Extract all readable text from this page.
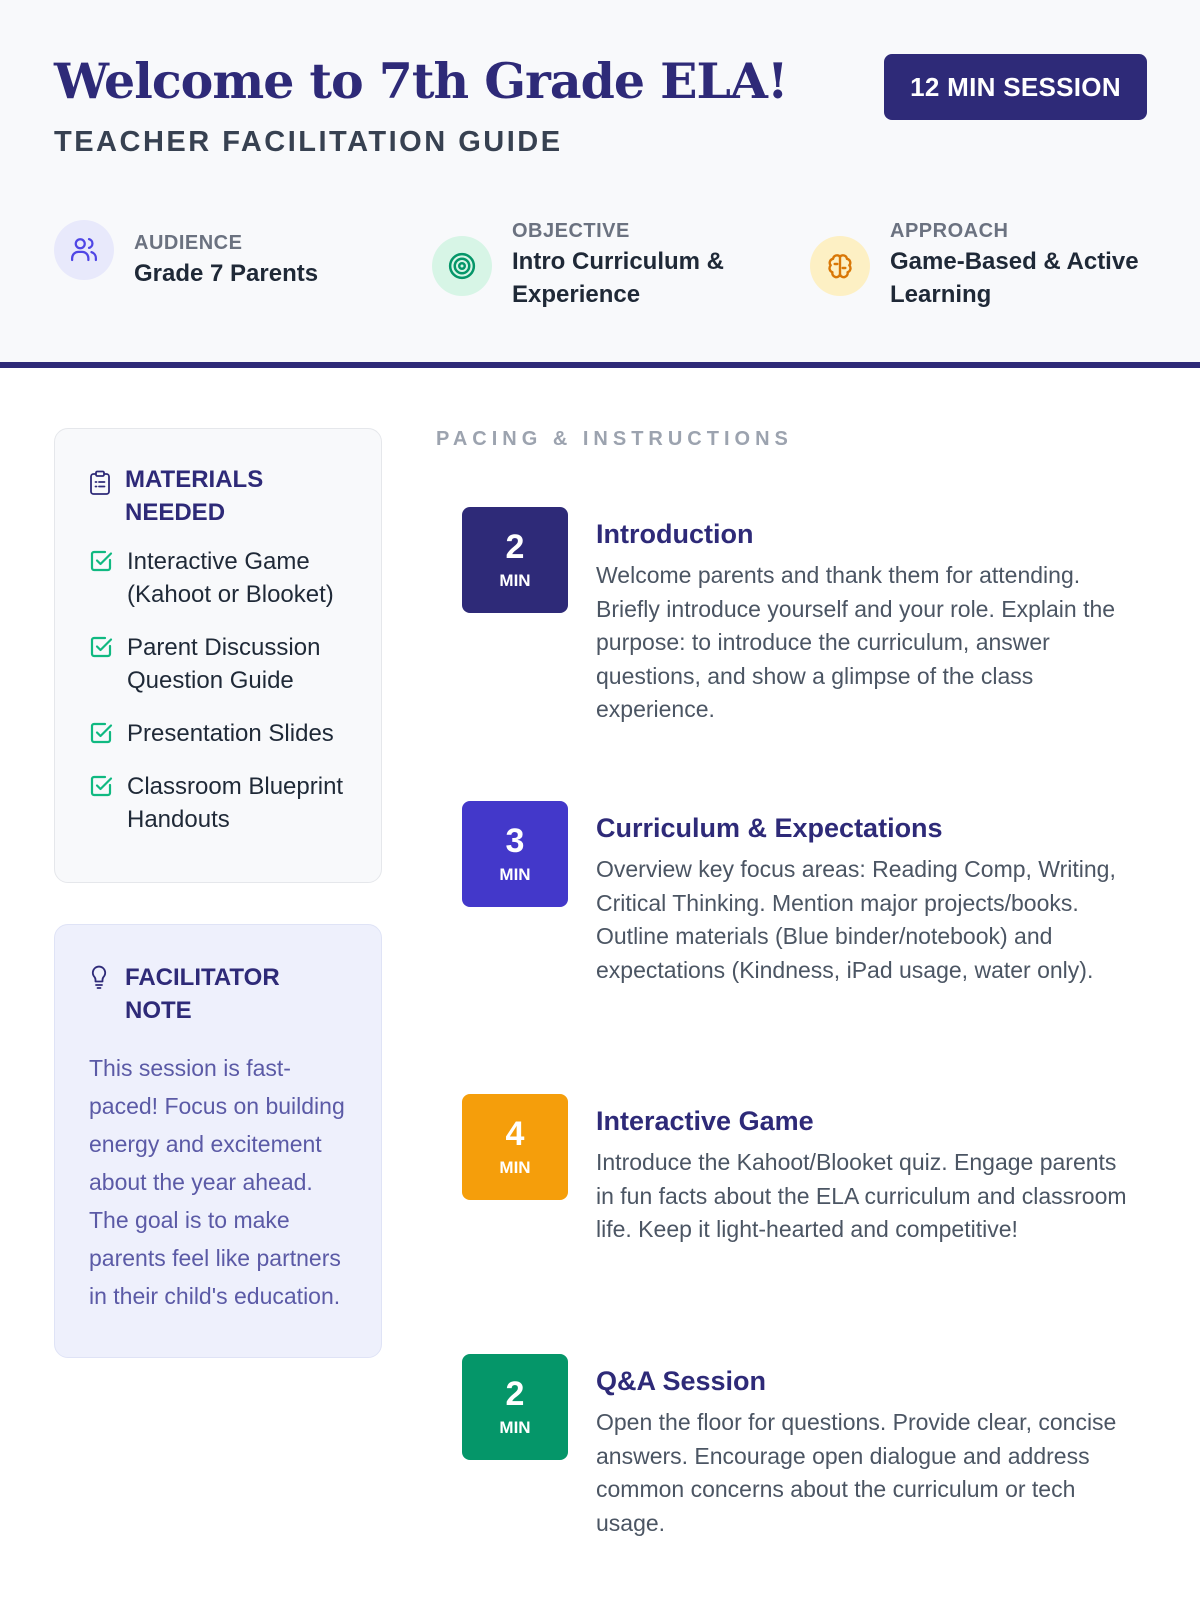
Welcome to 7th Grade ELA!
TEACHER FACILITATION GUIDE
12 MIN SESSION
AUDIENCE
Grade 7 Parents
OBJECTIVE
Intro Curriculum & Experience
APPROACH
Game-Based & Active Learning
MATERIALS NEEDED
Interactive Game (Kahoot or Blooket)
Parent Discussion Question Guide
Presentation Slides
Classroom Blueprint Handouts
FACILITATOR NOTE

This session is fast-paced! Focus on building energy and excitement about the year ahead. The goal is to make parents feel like partners in their child's education.

PACING & INSTRUCTIONS
2
MIN
Introduction

Welcome parents and thank them for attending. Briefly introduce yourself and your role. Explain the purpose: to introduce the curriculum, answer questions, and show a glimpse of the class experience.

3
MIN
Curriculum & Expectations

Overview key focus areas: Reading Comp, Writing, Critical Thinking. Mention major projects/books. Outline materials (Blue binder/notebook) and expectations (Kindness, iPad usage, water only).

4
MIN
Interactive Game

Introduce the Kahoot/Blooket quiz. Engage parents in fun facts about the ELA curriculum and classroom life. Keep it light-hearted and competitive!

2
MIN
Q&A Session

Open the floor for questions. Provide clear, concise answers. Encourage open dialogue and address common concerns about the curriculum or tech usage.
